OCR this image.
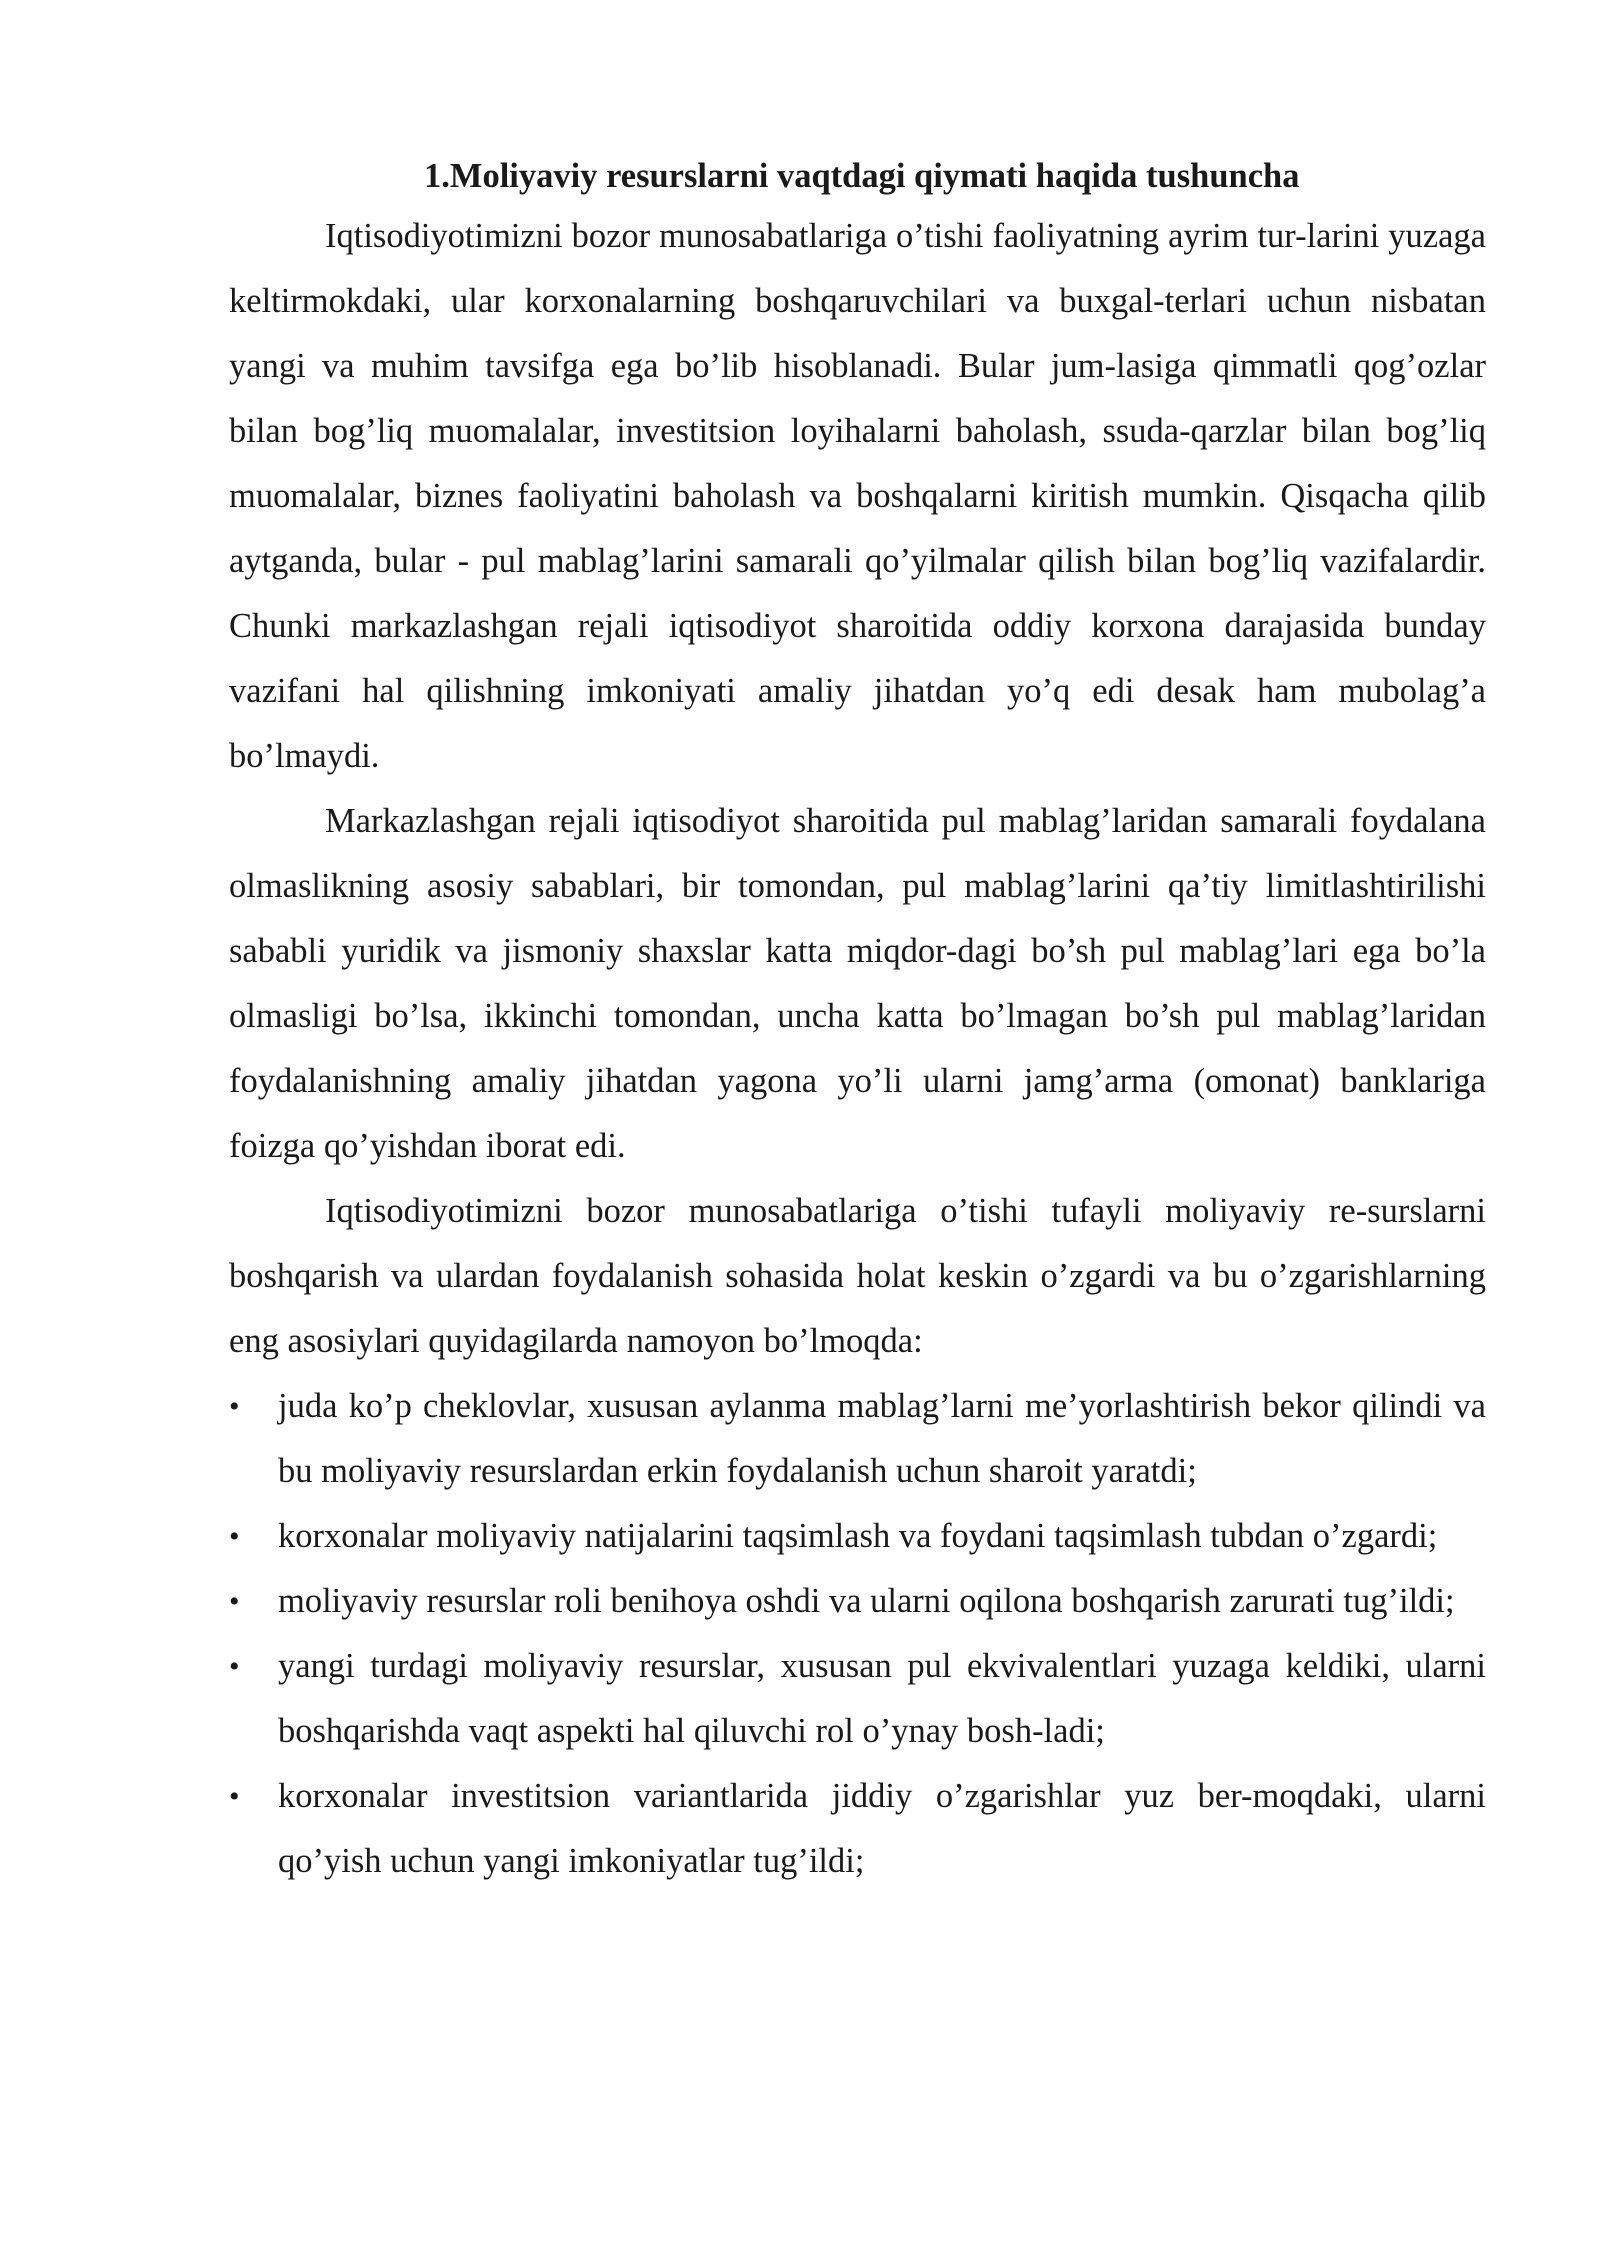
1.Moliyaviy resurslarni vaqtdagi qiymati haqida tushuncha

Iqtisodiyotimizni bozor munosabatlariga o’tishi faoliyatning ayrim tur-larini yuzaga keltirmokdaki, ular korxonalarning boshqaruvchilari va buxgal-terlari uchun nisbatan yangi va muhim tavsifga ega bo’lib hisoblanadi. Bular jum-lasiga qimmatli qog’ozlar bilan bog’liq muomalalar, investitsion loyihalarni baholash, ssuda-qarzlar bilan bog’liq muomalalar, biznes faoliyatini baholash va boshqalarni kiritish mumkin. Qisqacha qilib aytganda, bular - pul mablag’larini samarali qo’yilmalar qilish bilan bog’liq vazifalardir. Chunki markazlashgan rejali iqtisodiyot sharoitida oddiy korxona darajasida bunday vazifani hal qilishning imkoniyati amaliy jihatdan yo’q edi desak ham mubolag’a bo’lmaydi.

Markazlashgan rejali iqtisodiyot sharoitida pul mablag’laridan samarali foydalana olmaslikning asosiy sabablari, bir tomondan, pul mablag’larini qa’tiy limitlashtirilishi sababli yuridik va jismoniy shaxslar katta miqdor-dagi bo’sh pul mablag’lari ega bo’la olmasligi bo’lsa, ikkinchi tomondan, uncha katta bo’lmagan bo’sh pul mablag’laridan foydalanishning amaliy jihatdan yagona yo’li ularni jamg’arma (omonat) banklariga foizga qo’yishdan iborat edi.

Iqtisodiyotimizni bozor munosabatlariga o’tishi tufayli moliyaviy re-surslarni boshqarish va ulardan foydalanish sohasida holat keskin o’zgardi va bu o’zgarishlarning eng asosiylari quyidagilarda namoyon bo’lmoqda:

• juda ko’p cheklovlar, xususan aylanma mablag’larni me’yorlashtirish bekor qilindi va bu moliyaviy resurslardan erkin foydalanish uchun sharoit yaratdi;
• korxonalar moliyaviy natijalarini taqsimlash va foydani taqsimlash tubdan o’zgardi;
• moliyaviy resurslar roli benihoya oshdi va ularni oqilona boshqarish zarurati tug’ildi;
• yangi turdagi moliyaviy resurslar, xususan pul ekvivalentlari yuzaga keldiki, ularni boshqarishda vaqt aspekti hal qiluvchi rol o’ynay bosh-ladi;
• korxonalar investitsion variantlarida jiddiy o’zgarishlar yuz ber-moqdaki, ularni qo’yish uchun yangi imkoniyatlar tug’ildi;
